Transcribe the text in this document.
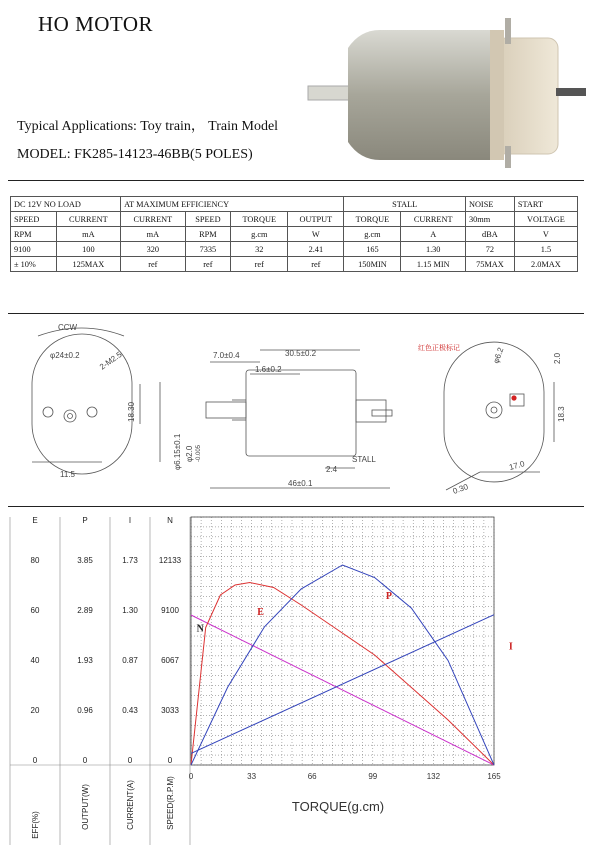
HO MOTOR
Typical Applications: Toy train， Train Model
MODEL: FK285-14123-46BB(5 POLES)
DC 12V NO LOAD		AT MAXIMUM EFFICIENCY				STALL		NOISE	START
SPEED	CURRENT	CURRENT	SPEED	TORQUE	OUTPUT	TORQUE	CURRENT	30mm	VOLTAGE
RPM	mA	mA	RPM	g.cm	W	g.cm	A	dBA	V
9100	100	320	7335	32	2.41	165	1.30	72	1.5
± 10%	125MAX	ref	ref	ref	ref	150MIN	1.15 MIN	75MAX	2.0MAX
CCW
φ24±0.2 2-M2.5
11.5
18.30
7.0±0.4	30.5±0.2
1.6±0.2
φ6.15±0.1 φ2.0 -0.005	STALL
2.4
46±0.1
红色正极标记	φ6.2
18.3
17.0
0.30
2.0
E	P	I	N
80	3.85	1.73	12133
60	2.89	1.30	9100
40	1.93	0.87	6067
20	0.96	0.43	3033
0	0	0	0
EFF(%)	OUTPUT(W)	CURRENT(A)	SPEED(R.P.M)
N
E
P
I
0	33	66	99	132	165
TORQUE(g.cm)
